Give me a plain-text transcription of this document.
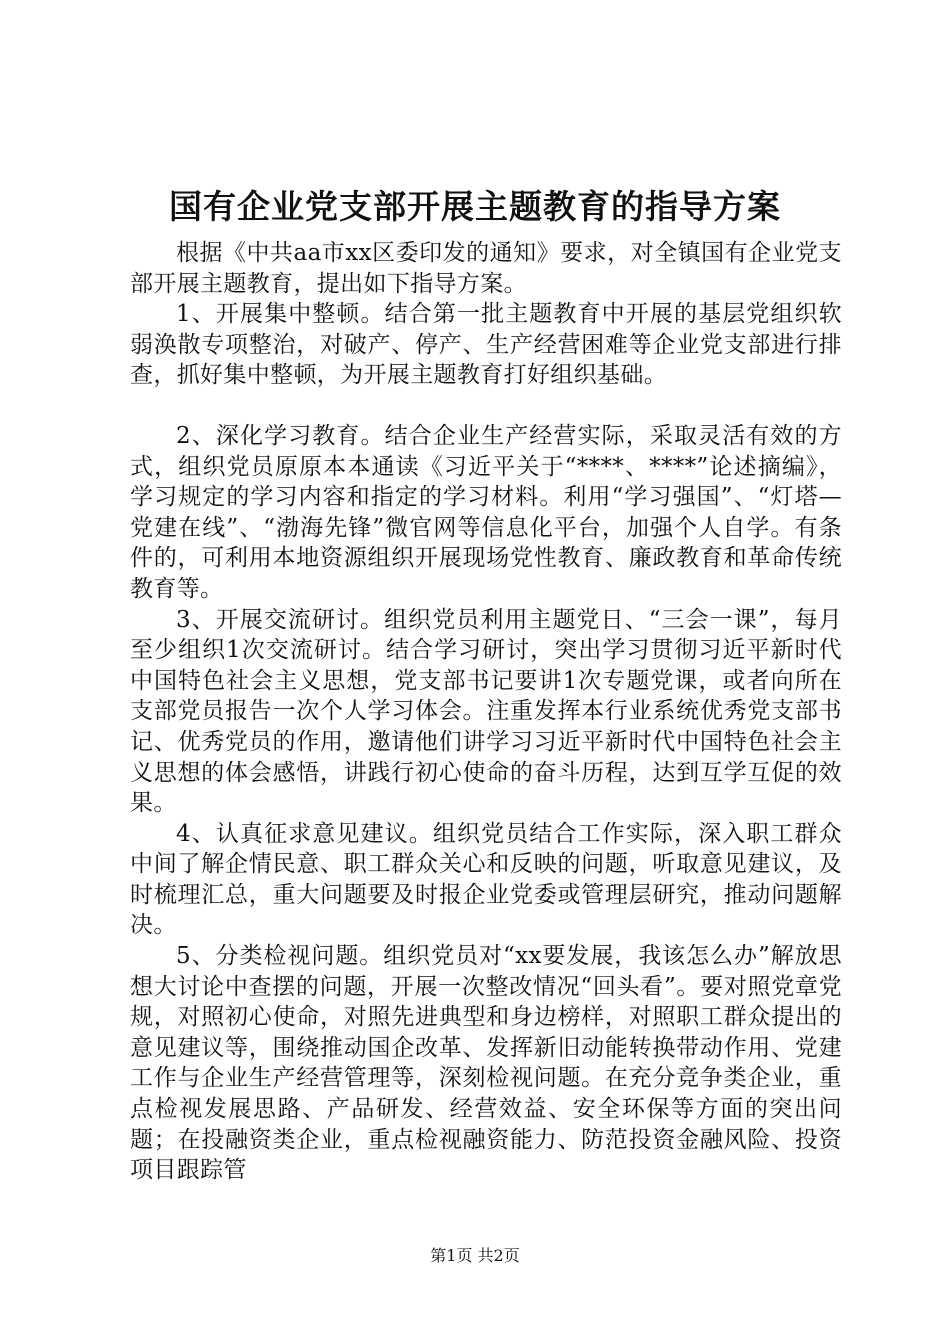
国有企业党支部开展主题教育的指导方案

根据《中共aa市xx区委印发的通知》要求，对全镇国有企业党支部开展主题教育，提出如下指导方案。

1、开展集中整顿。结合第一批主题教育中开展的基层党组织软弱涣散专项整治，对破产、停产、生产经营困难等企业党支部进行排查，抓好集中整顿，为开展主题教育打好组织基础。

2、深化学习教育。结合企业生产经营实际，采取灵活有效的方式，组织党员原原本本通读《习近平关于“****、****”论述摘编》，学习规定的学习内容和指定的学习材料。利用“学习强国”、“灯塔—党建在线”、“渤海先锋”微官网等信息化平台，加强个人自学。有条件的，可利用本地资源组织开展现场党性教育、廉政教育和革命传统教育等。

3、开展交流研讨。组织党员利用主题党日、“三会一课”，每月至少组织1次交流研讨。结合学习研讨，突出学习贯彻习近平新时代中国特色社会主义思想，党支部书记要讲1次专题党课，或者向所在支部党员报告一次个人学习体会。注重发挥本行业系统优秀党支部书记、优秀党员的作用，邀请他们讲学习习近平新时代中国特色社会主义思想的体会感悟，讲践行初心使命的奋斗历程，达到互学互促的效果。

4、认真征求意见建议。组织党员结合工作实际，深入职工群众中间了解企情民意、职工群众关心和反映的问题，听取意见建议，及时梳理汇总，重大问题要及时报企业党委或管理层研究，推动问题解决。

5、分类检视问题。组织党员对“xx要发展，我该怎么办”解放思想大讨论中查摆的问题，开展一次整改情况“回头看”。要对照党章党规，对照初心使命，对照先进典型和身边榜样，对照职工群众提出的意见建议等，围绕推动国企改革、发挥新旧动能转换带动作用、党建工作与企业生产经营管理等，深刻检视问题。在充分竞争类企业，重点检视发展思路、产品研发、经营效益、安全环保等方面的突出问题；在投融资类企业，重点检视融资能力、防范投资金融风险、投资项目跟踪管

第1页 共2页
